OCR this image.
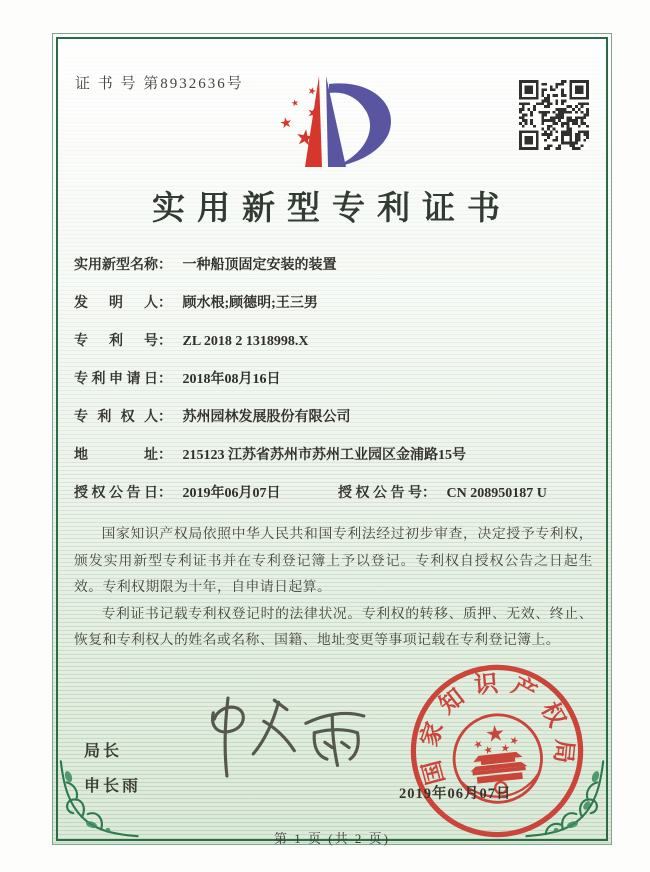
证 书 号 第8932636号
实用新型专利证书
实用新型名称： 一种船顶固定安装的装置
发明人： 顾水根;顾德明;王三男
专利号： ZL 2018 2 1318998.X
专利申请日： 2018年08月16日
专利权人： 苏州园林发展股份有限公司
地址： 215123 江苏省苏州市苏州工业园区金浦路15号
授权公告日： 2019年06月07日	授权公告号： CN 208950187 U

国家知识产权局依照中华人民共和国专利法经过初步审查，决定授予专利权，颁发实用新型专利证书并在专利登记簿上予以登记。专利权自授权公告之日起生效。专利权期限为十年，自申请日起算。

专利证书记载专利权登记时的法律状况。专利权的转移、质押、无效、终止、恢复和专利权人的姓名或名称、国籍、地址变更等事项记载在专利登记簿上。

局长
申长雨	国家知识产权局
2019年06月07日
第 1 页 (共 2 页)
